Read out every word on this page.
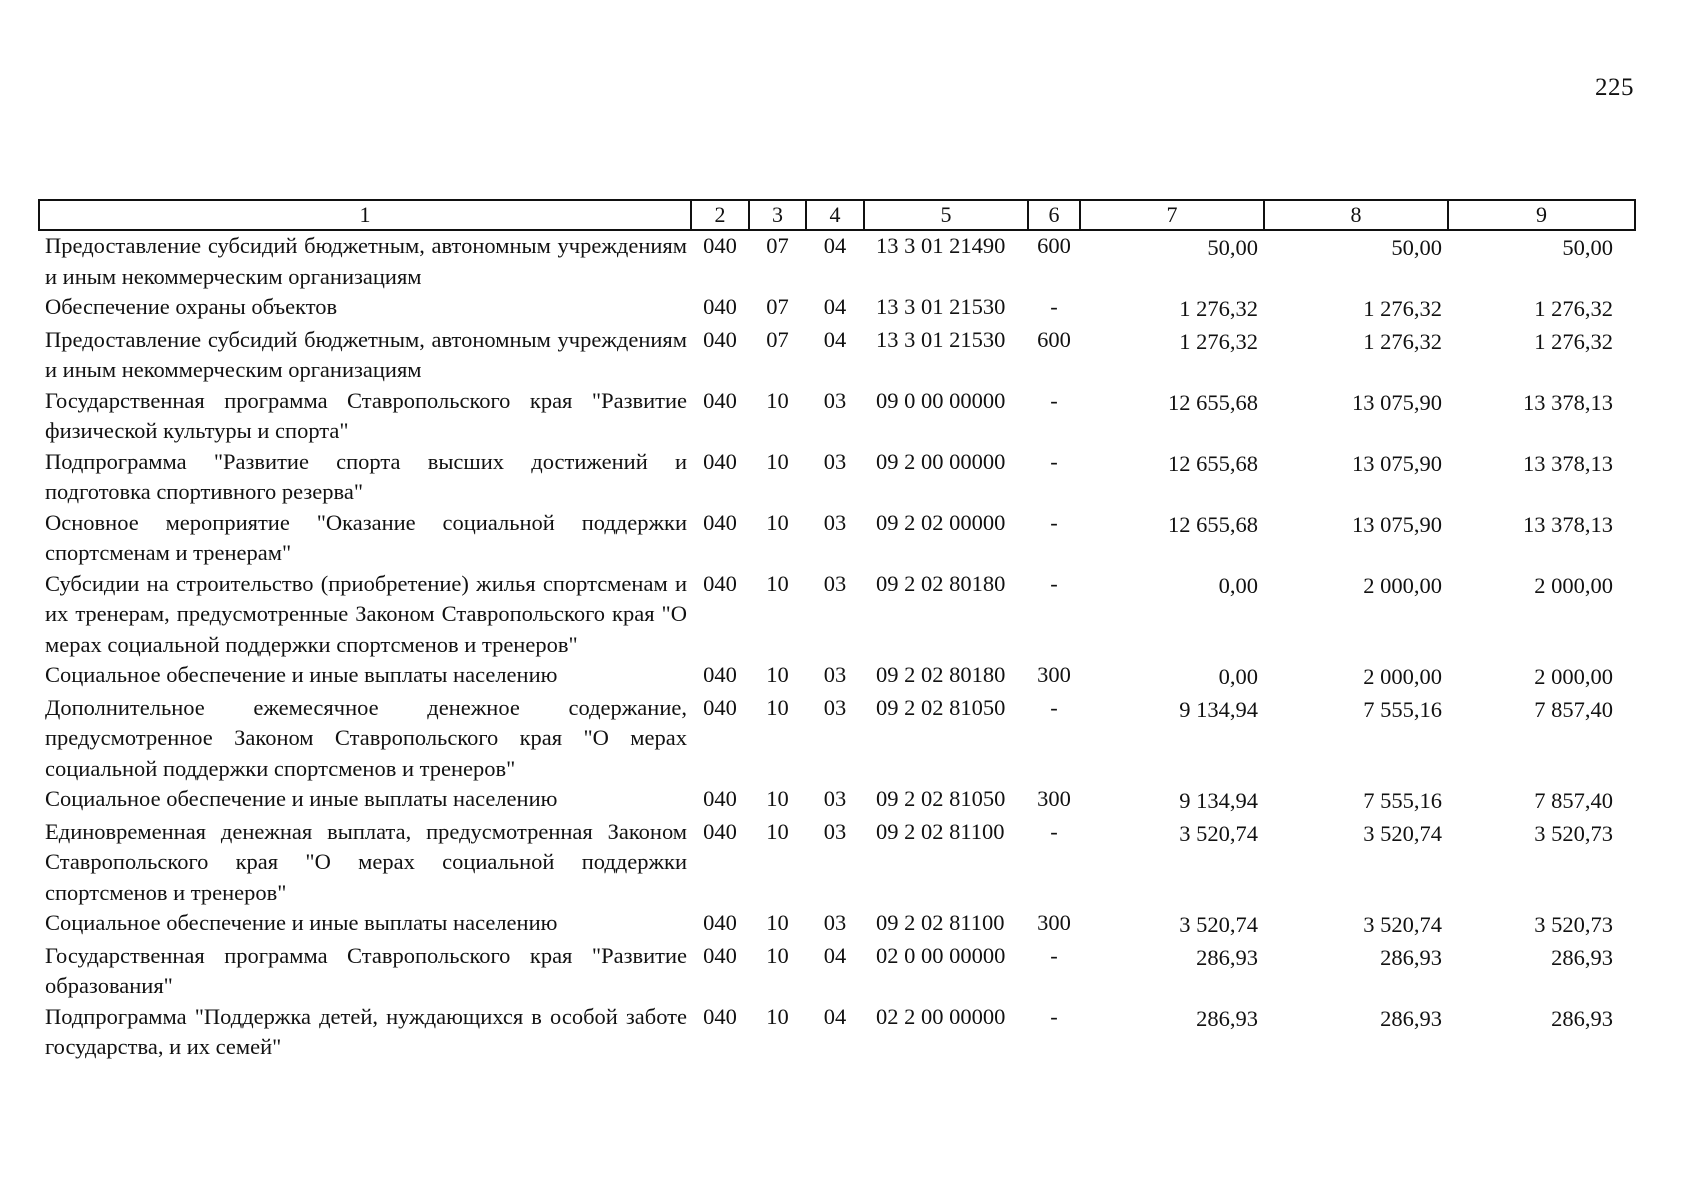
225
1	2	3	4	5	6	7	8	9
Предоставление субсидий бюджетным, автономным учреждениям и иным некоммерческим организациям	040	07	04	13 3 01 21490	600	50,00	50,00	50,00
Обеспечение охраны объектов	040	07	04	13 3 01 21530	-	1 276,32	1 276,32	1 276,32
Предоставление субсидий бюджетным, автономным учреждениям и иным некоммерческим организациям	040	07	04	13 3 01 21530	600	1 276,32	1 276,32	1 276,32
Государственная программа Ставропольского края "Развитие физической культуры и спорта"	040	10	03	09 0 00 00000	-	12 655,68	13 075,90	13 378,13
Подпрограмма "Развитие спорта высших достижений и подготовка спортивного резерва"	040	10	03	09 2 00 00000	-	12 655,68	13 075,90	13 378,13
Основное мероприятие "Оказание социальной поддержки спортсменам и тренерам"	040	10	03	09 2 02 00000	-	12 655,68	13 075,90	13 378,13
Субсидии на строительство (приобретение) жилья спортсменам и их тренерам, предусмотренные Законом Ставропольского края "О мерах социальной поддержки спортсменов и тренеров"	040	10	03	09 2 02 80180	-	0,00	2 000,00	2 000,00
Социальное обеспечение и иные выплаты населению	040	10	03	09 2 02 80180	300	0,00	2 000,00	2 000,00
Дополнительное ежемесячное денежное содержание, предусмотренное Законом Ставропольского края "О мерах социальной поддержки спортсменов и тренеров"	040	10	03	09 2 02 81050	-	9 134,94	7 555,16	7 857,40
Социальное обеспечение и иные выплаты населению	040	10	03	09 2 02 81050	300	9 134,94	7 555,16	7 857,40
Единовременная денежная выплата, предусмотренная Законом Ставропольского края "О мерах социальной поддержки спортсменов и тренеров"	040	10	03	09 2 02 81100	-	3 520,74	3 520,74	3 520,73
Социальное обеспечение и иные выплаты населению	040	10	03	09 2 02 81100	300	3 520,74	3 520,74	3 520,73
Государственная программа Ставропольского края "Развитие образования"	040	10	04	02 0 00 00000	-	286,93	286,93	286,93
Подпрограмма "Поддержка детей, нуждающихся в особой заботе государства, и их семей"	040	10	04	02 2 00 00000	-	286,93	286,93	286,93
